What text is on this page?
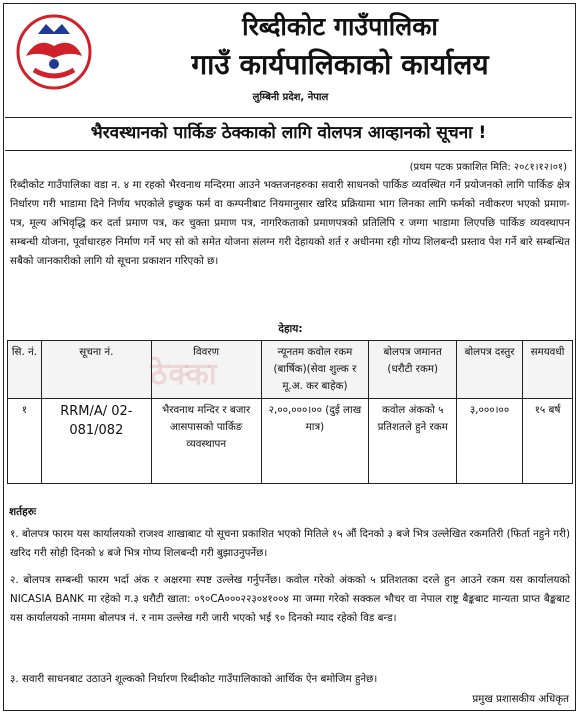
रिब्दीकोट गाउँपालिका
गाउँ कार्यपालिकाको कार्यालय
लुम्बिनी प्रदेश, नेपाल
भैरवस्थानको पार्किङ ठेक्काको लागि वोलपत्र आव्हानको सूचना !
(प्रथम पटक प्रकाशित मिति: २०८१।१२।०१)
रिब्दीकोट गाउँपालिका वडा न. ४ मा रहको भैरवनाथ मन्दिरमा आउने भक्तजनहरुका सवारी साधनको पार्किङ व्यवस्थित गर्ने प्रयोजनको लागि पार्किङ क्षेत्र निर्धारण गरी भाडामा दिने निर्णय भएकोले इच्छुक फर्म वा कम्पनीबाट नियमानुसार खरिद प्रक्रियामा भाग लिनका लागि फर्मको नवीकरण भएको प्रमाण-पत्र, मूल्य अभिवृद्धि कर दर्ता प्रमाण पत्र, कर चुक्ता प्रमाण पत्र, नागरिकताको प्रमाणपत्रको प्रतिलिपि र जग्गा भाडामा लिएपछि पार्किङ व्यवस्थापन सम्बन्धी योजना, पूर्वाधारहरु निर्माण गर्ने भए सो को समेत योजना संलग्न गरी देहायको शर्त र अधीनमा रही गोप्य शिलबन्दी प्रस्ताव पेश गर्ने बारे सम्बन्धित सबैको जानकारीको लागि यो सूचना प्रकाशन गरिएको छ।
देहाय:
सि. नं.	सूचना नं.	विवरण	न्यूनतम कवोल रकम (बार्षिक)(सेवा शुल्क र मू.अ. कर बाहेक)	बोलपत्र जमानत (धरौटी रकम)	बोलपत्र दस्तुर	समयवधी
१	RRM/A/ 02-081/082	भैरवनाथ मन्दिर र बजार आसपासको पार्किङ व्यवस्थापन	२,००,०००।०० (दुई लाख मात्र)	कवोल अंकको ५ प्रतिशतले हुने रकम	३,०००।००	१५ बर्ष
ठेक्का
शर्तहरुः
१. बोलपत्र फारम यस कार्यालयको राजश्व शाखाबाट यो सूचना प्रकाशित भएको मितिले १५ औं दिनको ३ बजे भित्र उल्लेखित रकमतिरी (फिर्ता नहुने गरी) खरिद गरी सोही दिनको ४ बजे भित्र गोप्य शिलबन्दी गरी बुझाउनुपर्नेछ।
२. बोलपत्र सम्बन्धी फारम भर्दा अंक र अक्षरमा स्पष्ट उल्लेख गर्नुपर्नेछ। कवोल गरेको अंकको ५ प्रतिशतका दरले हुन आउने रकम यस कार्यालयको NICASIA BANK मा रहेको ग.३ धरौटी खाता: ०९०CA०००२२३०४१००४ मा जम्मा गरेको सक्कल भौचर वा नेपाल राष्ट्र बैङ्कबाट मान्यता प्राप्त बैङ्कबाट यस कार्यालयको नाममा बोलपत्र नं. र नाम उल्लेख गरी जारी भएको भई ९० दिनको म्याद रहेको विड बन्ड।
३. सवारी साधनबाट उठाउने शूल्कको निर्धारण रिब्दीकोट गाउँपालिकाको आर्थिक ऐन बमोजिम हुनेछ।
प्रमुख प्रशासकीय अधिकृत
